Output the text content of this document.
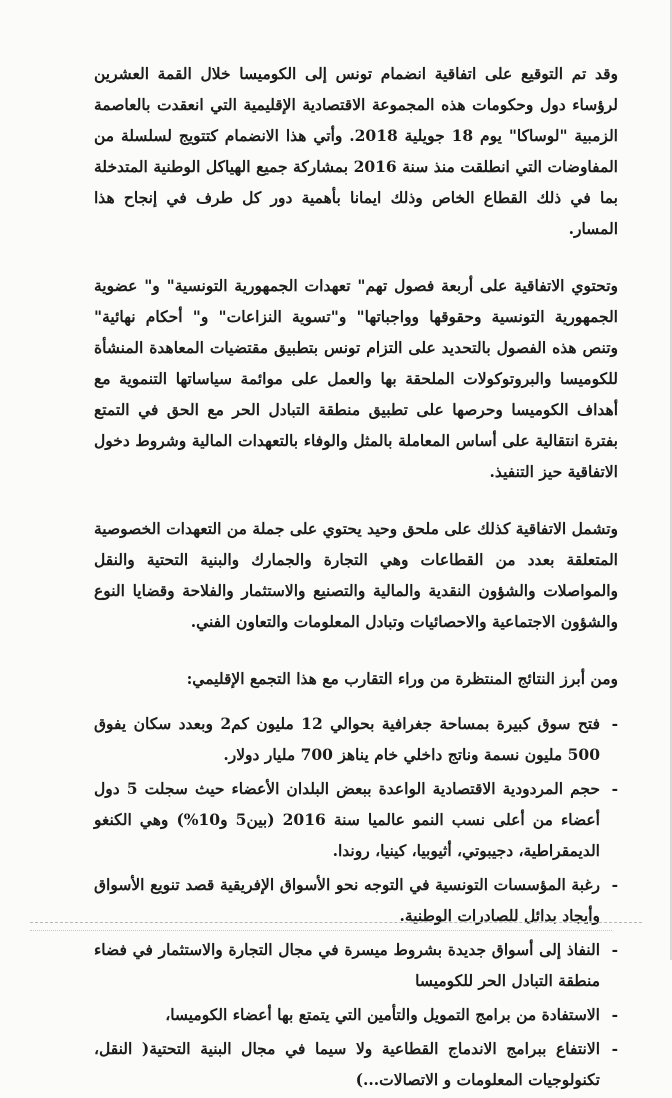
وقد تم التوقيع على اتفاقية انضمام تونس إلى الكوميسا خلال القمة العشرين لرؤساء دول وحكومات هذه المجموعة الاقتصادية الإقليمية التي انعقدت بالعاصمة الزمبية "لوساكا" يوم 18 جويلية 2018. وأتي هذا الانضمام كتتويج لسلسلة من المفاوضات التي انطلقت منذ سنة 2016 بمشاركة جميع الهياكل الوطنية المتدخلة بما في ذلك القطاع الخاص وذلك ايمانا بأهمية دور كل طرف في إنجاح هذا المسار.

وتحتوي الاتفاقية على أربعة فصول تهم" تعهدات الجمهورية التونسية" و" عضوية الجمهورية التونسية وحقوقها وواجباتها" و"تسوية النزاعات" و" أحكام نهائية" وتنص هذه الفصول بالتحديد على التزام تونس بتطبيق مقتضيات المعاهدة المنشأة للكوميسا والبروتوكولات الملحقة بها والعمل على موائمة سياساتها التنموية مع أهداف الكوميسا وحرصها على تطبيق منطقة التبادل الحر مع الحق في التمتع بفترة انتقالية على أساس المعاملة بالمثل والوفاء بالتعهدات المالية وشروط دخول الاتفاقية حيز التنفيذ.

وتشمل الاتفاقية كذلك على ملحق وحيد يحتوي على جملة من التعهدات الخصوصية المتعلقة بعدد من القطاعات وهي التجارة والجمارك والبنية التحتية والنقل والمواصلات والشؤون النقدية والمالية والتصنيع والاستثمار والفلاحة وقضايا النوع والشؤون الاجتماعية والاحصائيات وتبادل المعلومات والتعاون الفني.

ومن أبرز النتائج المنتظرة من وراء التقارب مع هذا التجمع الإقليمي:

-
فتح سوق كبيرة بمساحة جغرافية بحوالي 12 مليون كم2 وبعدد سكان يفوق 500 مليون نسمة وناتج داخلي خام يناهز 700 مليار دولار.
-
حجم المردودية الاقتصادية الواعدة ببعض البلدان الأعضاء حيث سجلت 5 دول أعضاء من أعلى نسب النمو عالميا سنة 2016 (بين5 و10%) وهي الكنغو الديمقراطية، دجيبوتي، أثيوبيا، كينيا، روندا.
-
رغبة المؤسسات التونسية في التوجه نحو الأسواق الإفريقية قصد تنويع الأسواق وأيجاد بدائل للصادرات الوطنية.
-
النفاذ إلى أسواق جديدة بشروط ميسرة في مجال التجارة والاستثمار في فضاء منطقة التبادل الحر للكوميسا
-
الاستفادة من برامج التمويل والتأمين التي يتمتع بها أعضاء الكوميسا،
-
الانتفاع ببرامج الاندماج القطاعية ولا سيما في مجال البنية التحتية( النقل، تكنولوجيات المعلومات و الاتصالات...)
